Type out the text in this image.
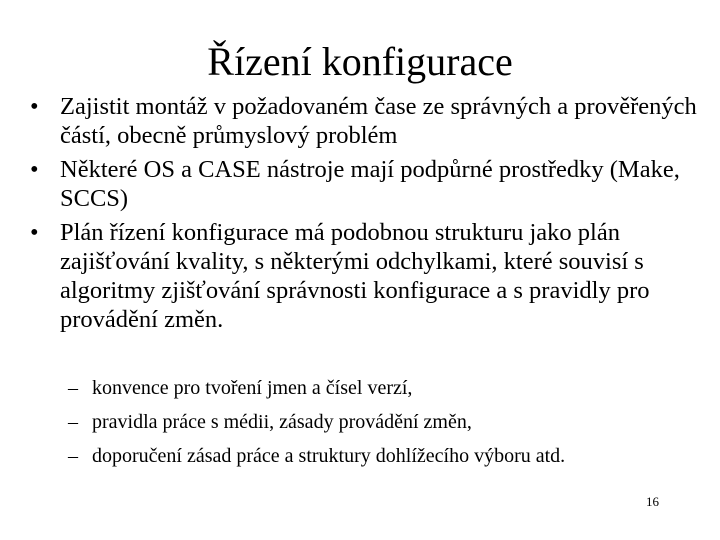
Řízení konfigurace
• Zajistit montáž v požadovaném čase ze správných a prověřených částí, obecně průmyslový problém
• Některé OS a CASE nástroje mají podpůrné prostředky (Make, SCCS)
• Plán řízení konfigurace má podobnou strukturu jako plán zajišťování kvality, s některými odchylkami, které souvisí s algoritmy zjišťování správnosti konfigurace a s pravidly pro provádění změn.
– konvence pro tvoření jmen a čísel verzí,
– pravidla práce s médii, zásady provádění změn,
– doporučení zásad práce a struktury dohlížecího výboru atd.
16
